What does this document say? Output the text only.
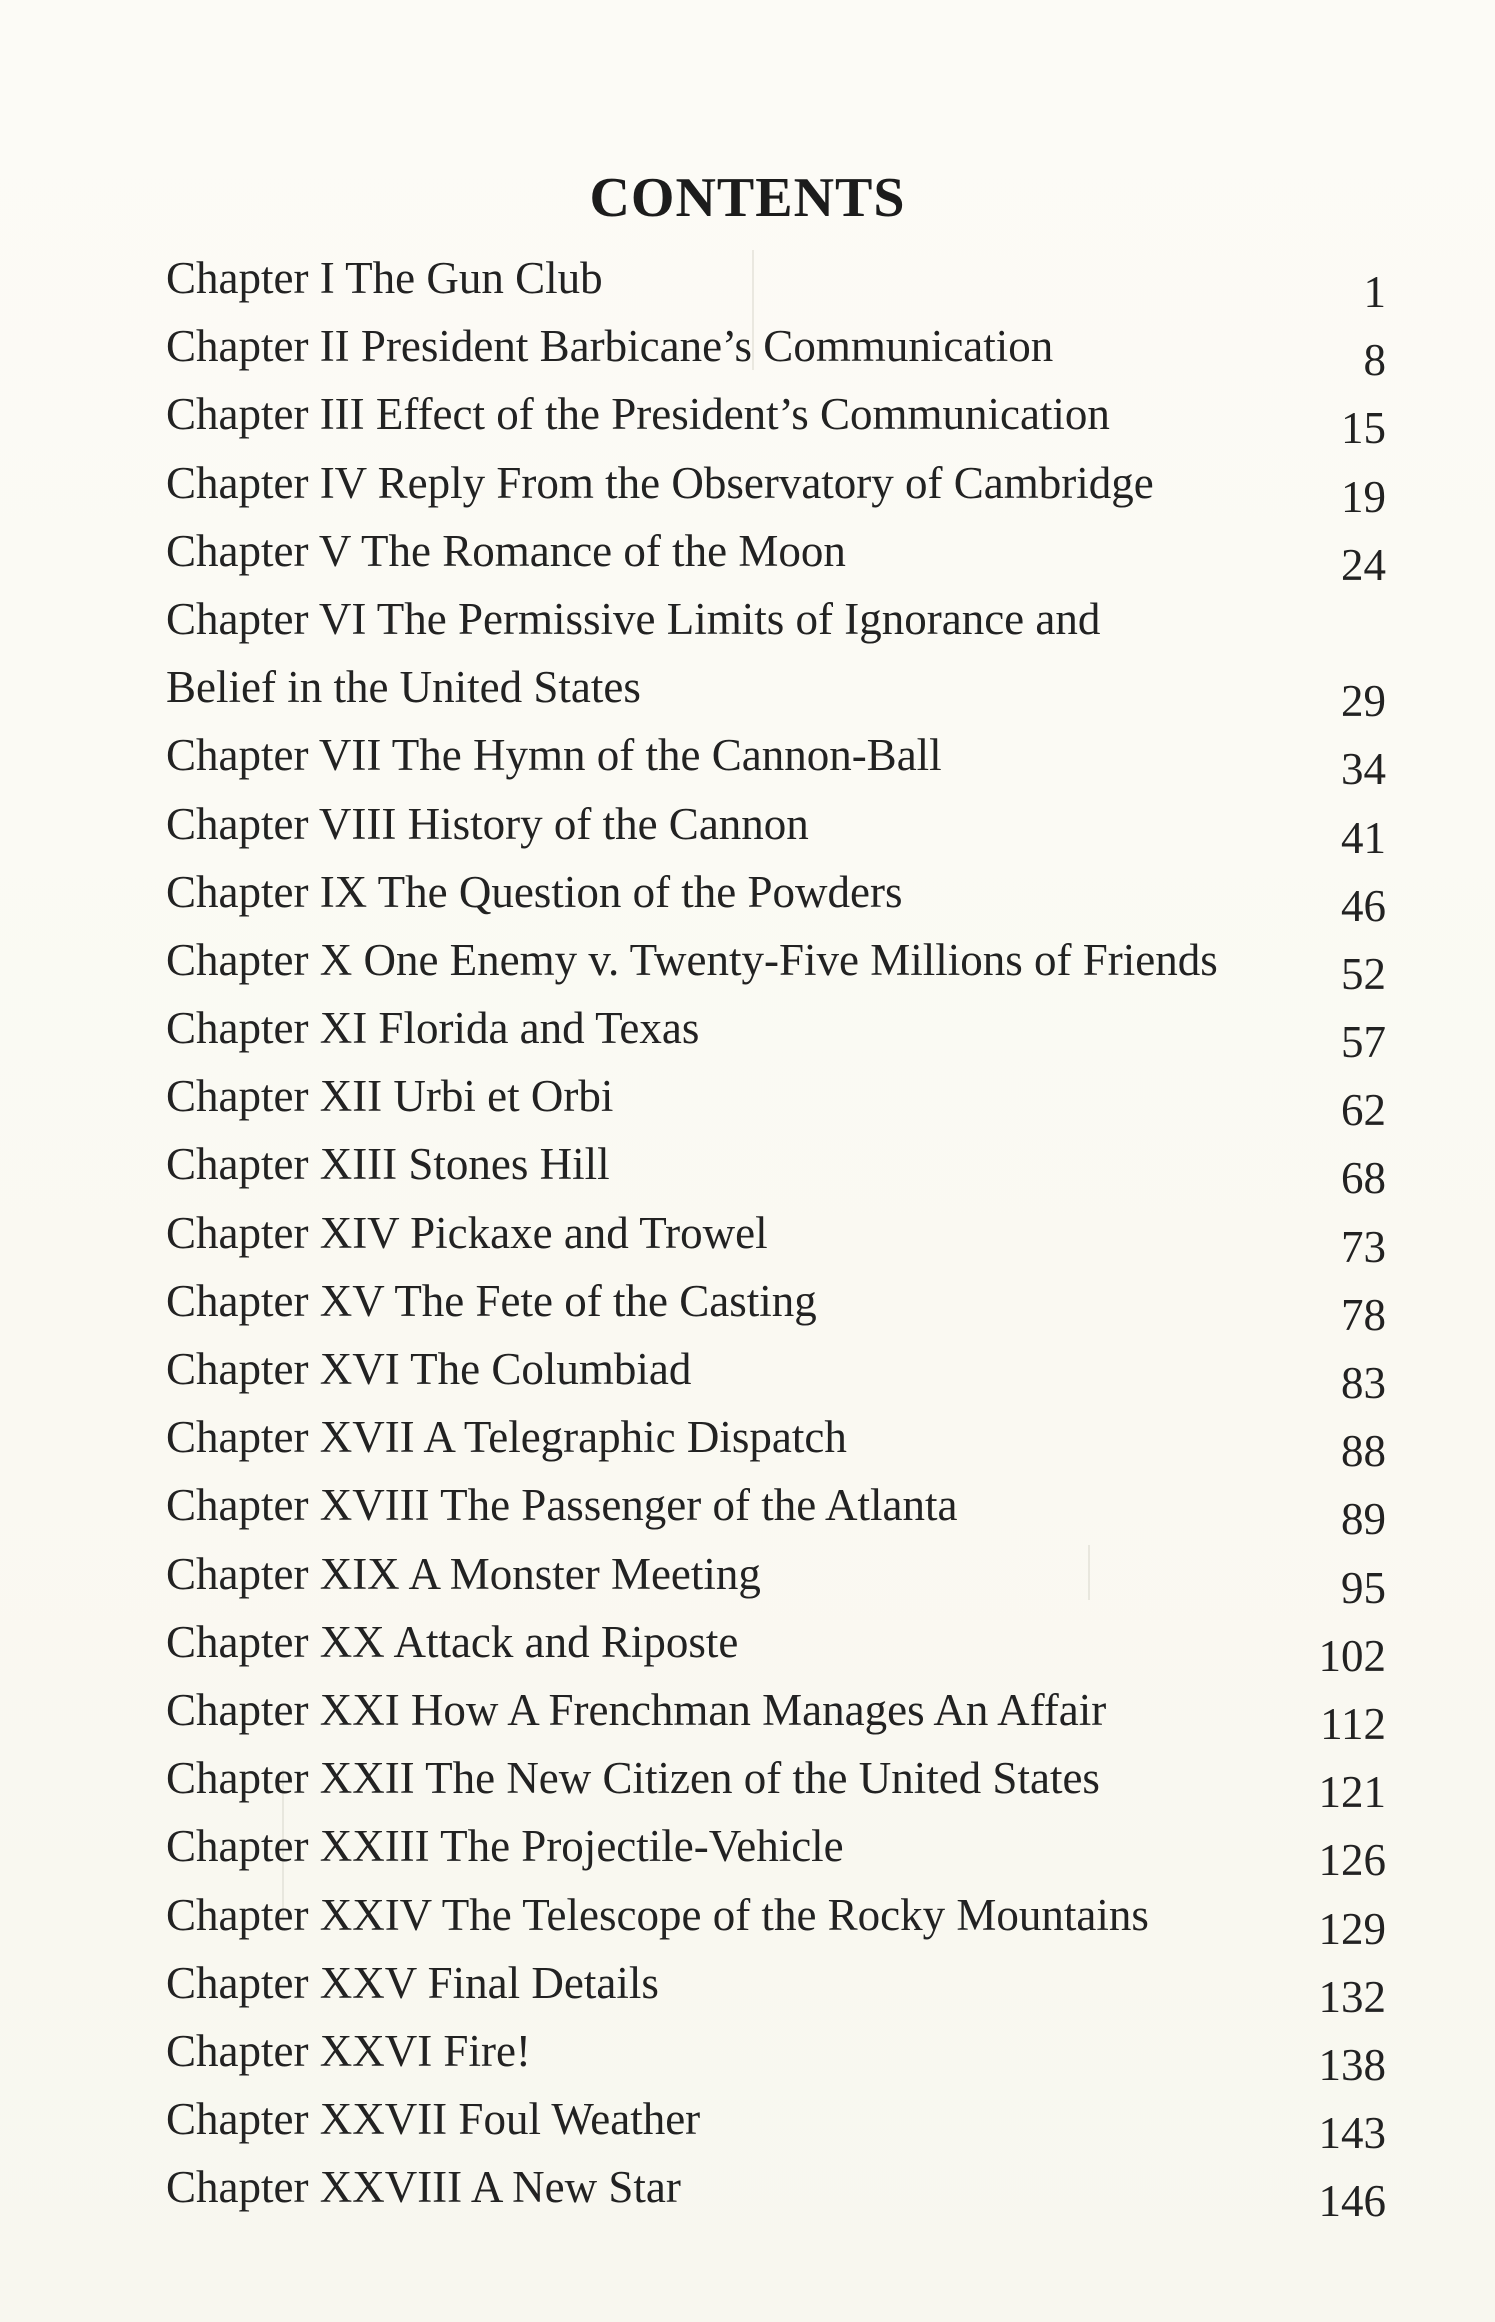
CONTENTS
Chapter I The Gun Club	1
Chapter II President Barbicane’s Communication	8
Chapter III Effect of the President’s Communication	15
Chapter IV Reply From the Observatory of Cambridge	19
Chapter V The Romance of the Moon	24
Chapter VI The Permissive Limits of Ignorance and
Belief in the United States	29
Chapter VII The Hymn of the Cannon-Ball	34
Chapter VIII History of the Cannon	41
Chapter IX The Question of the Powders	46
Chapter X One Enemy v. Twenty-Five Millions of Friends	52
Chapter XI Florida and Texas	57
Chapter XII Urbi et Orbi	62
Chapter XIII Stones Hill	68
Chapter XIV Pickaxe and Trowel	73
Chapter XV The Fete of the Casting	78
Chapter XVI The Columbiad	83
Chapter XVII A Telegraphic Dispatch	88
Chapter XVIII The Passenger of the Atlanta	89
Chapter XIX A Monster Meeting	95
Chapter XX Attack and Riposte	102
Chapter XXI How A Frenchman Manages An Affair	112
Chapter XXII The New Citizen of the United States	121
Chapter XXIII The Projectile-Vehicle	126
Chapter XXIV The Telescope of the Rocky Mountains	129
Chapter XXV Final Details	132
Chapter XXVI Fire!	138
Chapter XXVII Foul Weather	143
Chapter XXVIII A New Star	146
